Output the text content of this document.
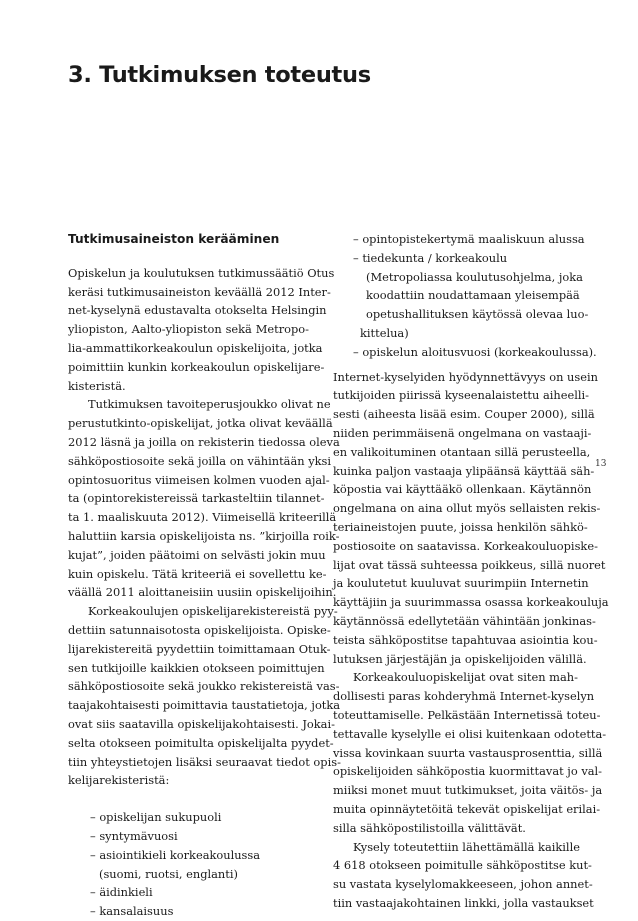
3. Tutkimuksen toteutus
Tutkimusaineiston kerääminen
Opiskelun ja koulutuksen tutkimussäätiö Otus
keräsi tutkimusaineiston keväällä 2012 Inter-
net-kyselynä edustavalta otokselta Helsingin
yliopiston, Aalto-yliopiston sekä Metropo-
lia-ammattikorkeakoulun opiskelijoita, jotka
poimittiin kunkin korkeakoulun opiskelijare-
kisteristä.
Tutkimuksen tavoiteperusjoukko olivat ne
perustutkinto-opiskelijat, jotka olivat keväällä
2012 läsnä ja joilla on rekisterin tiedossa oleva
sähköpostiosoite sekä joilla on vähintään yksi
opintosuoritus viimeisen kolmen vuoden ajal-
ta (opintorekistereissä tarkasteltiin tilannet-
ta 1. maaliskuuta 2012). Viimeisellä kriteerillä
haluttiin karsia opiskelijoista ns. ”kirjoilla roik-
kujat”, joiden päätoimi on selvästi jokin muu
kuin opiskelu. Tätä kriteeriä ei sovellettu ke-
väällä 2011 aloittaneisiin uusiin opiskelijoihin.
Korkeakoulujen opiskelijarekistereistä pyy-
dettiin satunnaisotosta opiskelijoista. Opiske-
lijarekistereitä pyydettiin toimittamaan Otuk-
sen tutkijoille kaikkien otokseen poimittujen
sähköpostiosoite sekä joukko rekistereistä vas-
taajakohtaisesti poimittavia taustatietoja, jotka
ovat siis saatavilla opiskelijakohtaisesti. Jokai-
selta otokseen poimitulta opiskelijalta pyydet-
tiin yhteystietojen lisäksi seuraavat tiedot opis-
kelijarekisteristä:
– opiskelijan sukupuoli
– syntymävuosi
– asiointikieli korkeakoulussa
(suomi, ruotsi, englanti)
– äidinkieli
– kansalaisuus
– opintopistekertymä maaliskuun alussa
– tiedekunta / korkeakoulu
(Metropoliassa koulutusohjelma, joka
koodattiin noudattamaan yleisempää
opetushallituksen käytössä olevaa luo-
kittelua)
– opiskelun aloitusvuosi (korkeakoulussa).
Internet-kyselyiden hyödynnettävyys on usein
tutkijoiden piirissä kyseenalaistettu aiheelli-
sesti (aiheesta lisää esim. Couper 2000), sillä
niiden perimmäisenä ongelmana on vastaaji-
en valikoituminen otantaan sillä perusteella,
kuinka paljon vastaaja ylipäänsä käyttää säh-
köpostia vai käyttääkö ollenkaan. Käytännön
ongelmana on aina ollut myös sellaisten rekis-
teriaineistojen puute, joissa henkilön sähkö-
postiosoite on saatavissa. Korkeakouluopiske-
lijat ovat tässä suhteessa poikkeus, sillä nuoret
ja koulutetut kuuluvat suurimpiin Internetin
käyttäjiin ja suurimmassa osassa korkeakouluja
käytännössä edellytetään vähintään jonkinas-
teista sähköpostitse tapahtuvaa asiointia kou-
lutuksen järjestäjän ja opiskelijoiden välillä.
Korkeakouluopiskelijat ovat siten mah-
dollisesti paras kohderyhmä Internet-kyselyn
toteuttamiselle. Pelkästään Internetissä toteu-
tettavalle kyselylle ei olisi kuitenkaan odotetta-
vissa kovinkaan suurta vastausprosenttia, sillä
opiskelijoiden sähköpostia kuormittavat jo val-
miiksi monet muut tutkimukset, joita väitös- ja
muita opinnäytetöitä tekevät opiskelijat erilai-
silla sähköpostilistoilla välittävät.
Kysely toteutettiin lähettämällä kaikille
4 618 otokseen poimitulle sähköpostitse kut-
su vastata kyselylomakkeeseen, johon annet-
tiin vastaajakohtainen linkki, jolla vastaukset
13
